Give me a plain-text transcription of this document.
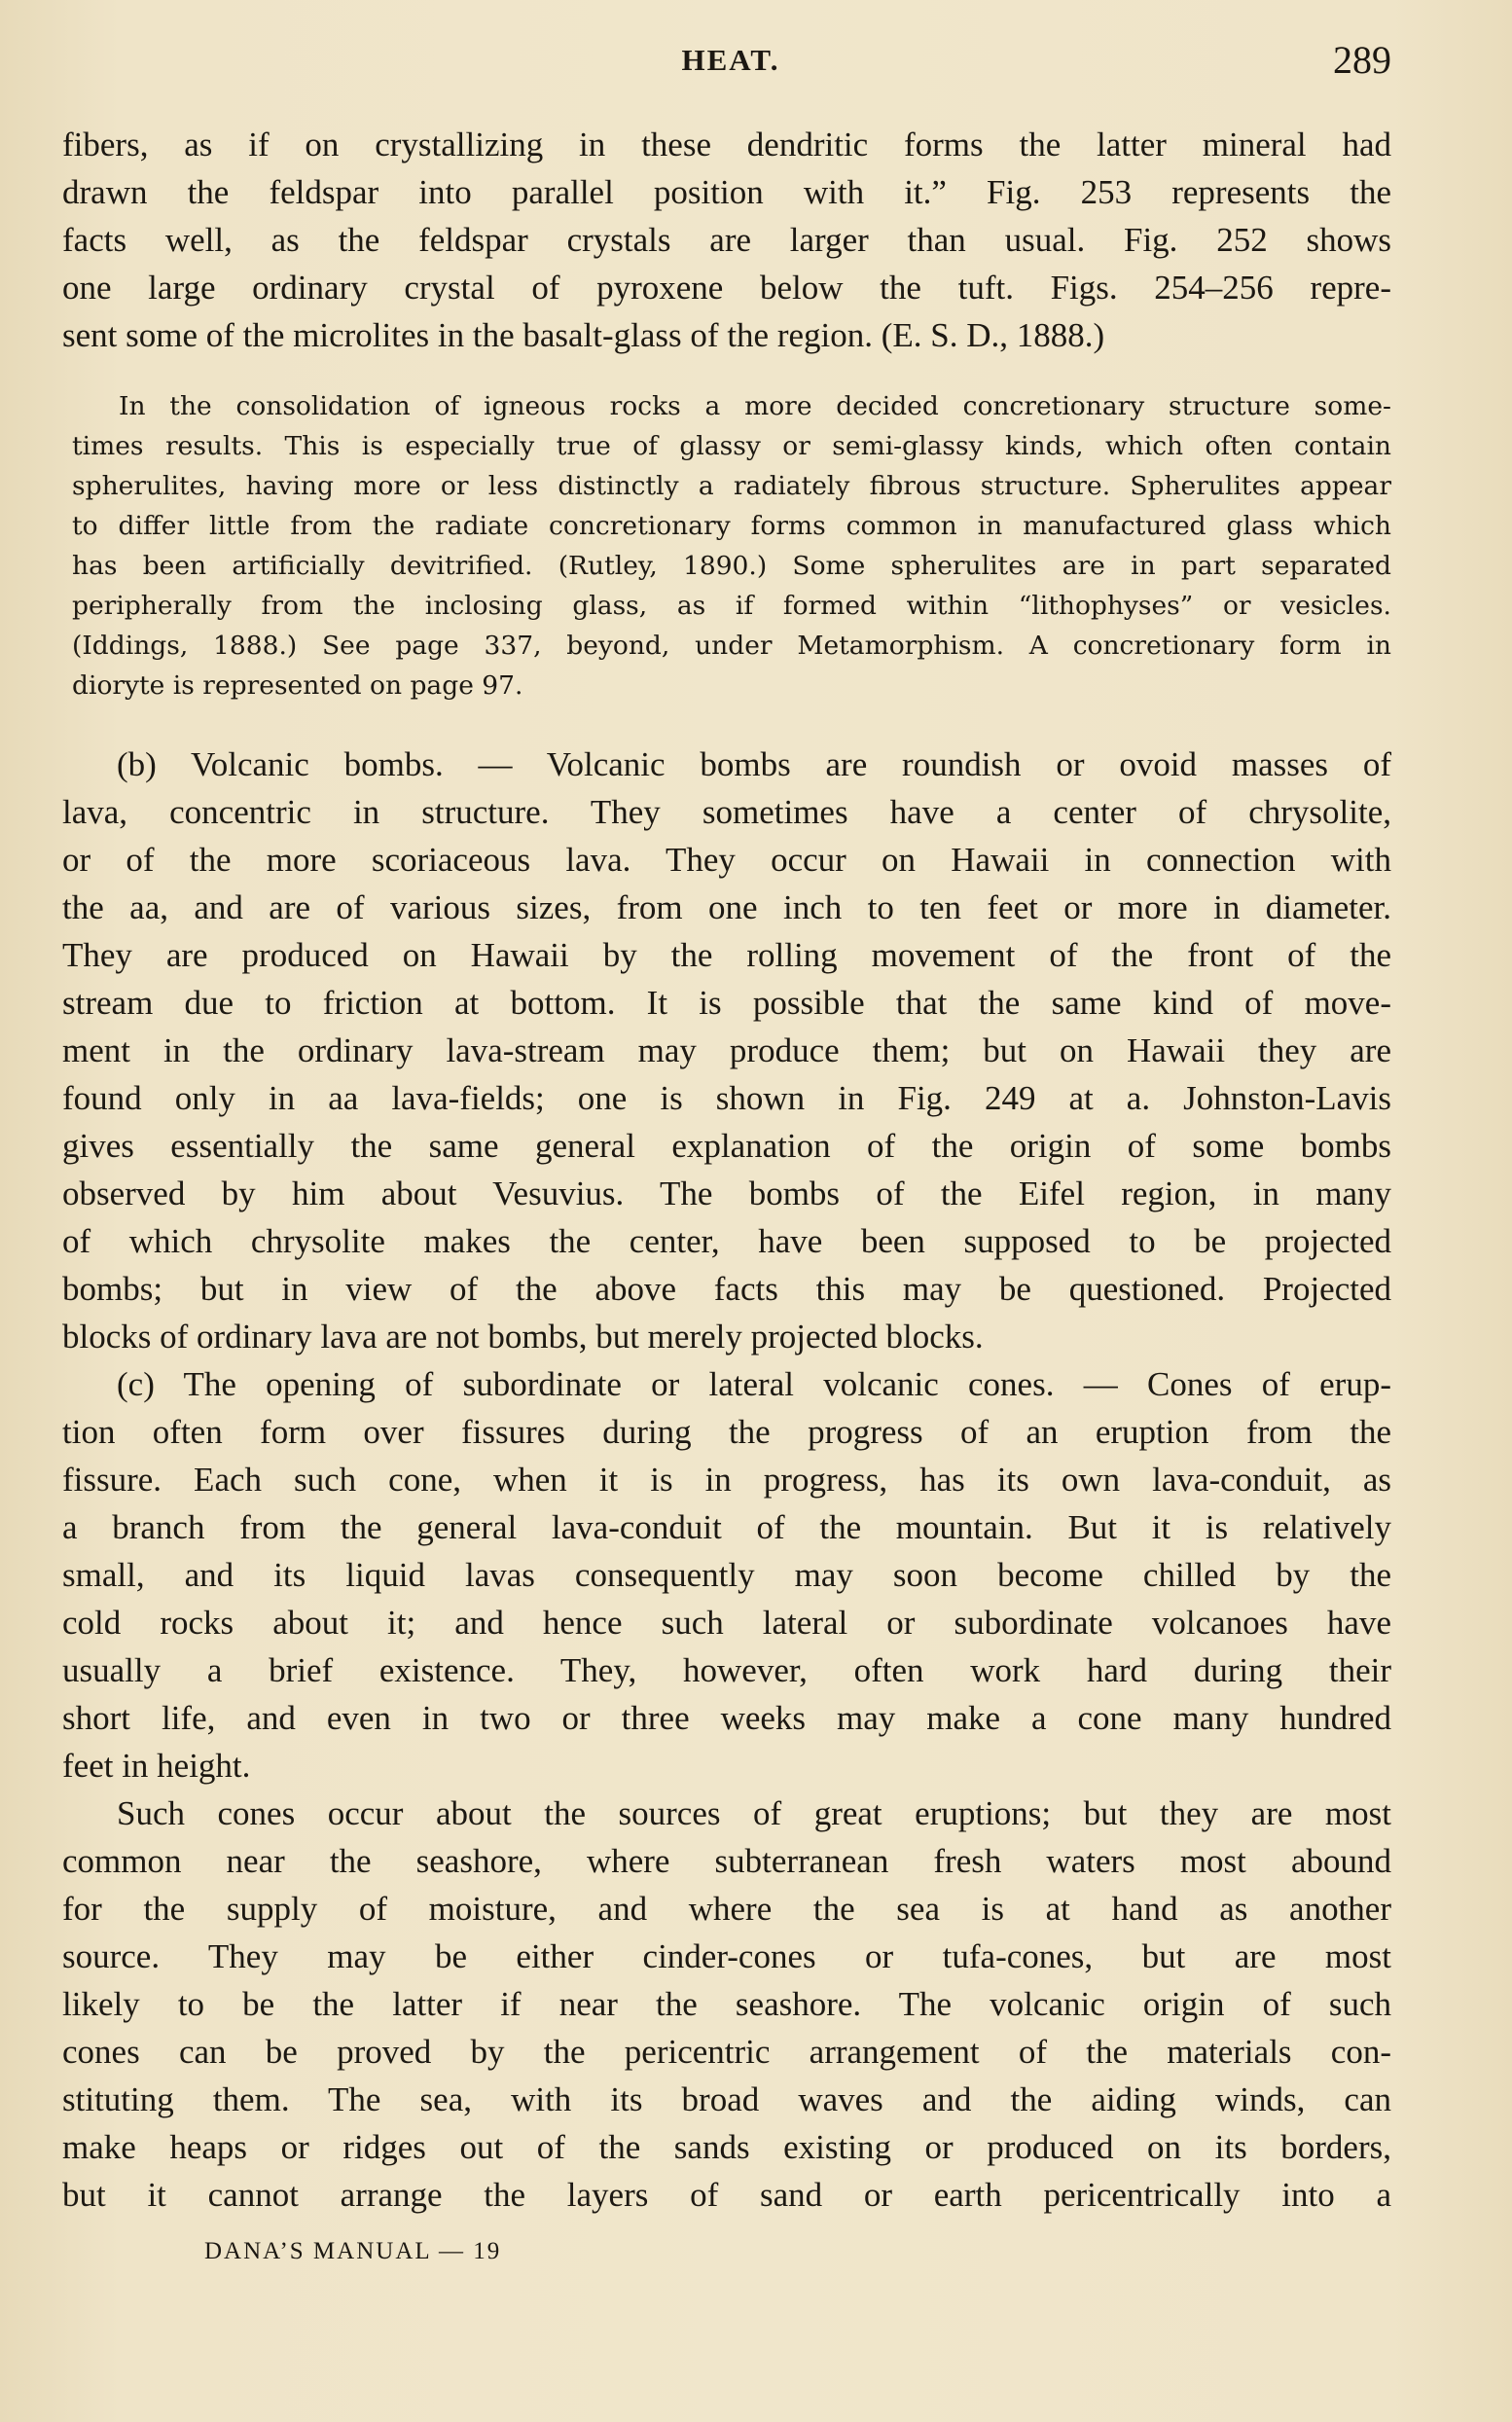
HEAT.	289
fibers, as if on crystallizing in these dendritic forms the latter mineral had
drawn the feldspar into parallel position with it.” Fig. 253 represents the
facts well, as the feldspar crystals are larger than usual. Fig. 252 shows
one large ordinary crystal of pyroxene below the tuft. Figs. 254–256 repre-
sent some of the microlites in the basalt-glass of the region. (E. S. D., 1888.)
In the consolidation of igneous rocks a more decided concretionary structure some-
times results. This is especially true of glassy or semi-glassy kinds, which often contain
spherulites, having more or less distinctly a radiately fibrous structure. Spherulites appear
to differ little from the radiate concretionary forms common in manufactured glass which
has been artificially devitrified. (Rutley, 1890.) Some spherulites are in part separated
peripherally from the inclosing glass, as if formed within “lithophyses” or vesicles.
(Iddings, 1888.) See page 337, beyond, under Metamorphism. A concretionary form in
dioryte is represented on page 97.
(b) Volcanic bombs. — Volcanic bombs are roundish or ovoid masses of
lava, concentric in structure. They sometimes have a center of chrysolite,
or of the more scoriaceous lava. They occur on Hawaii in connection with
the aa, and are of various sizes, from one inch to ten feet or more in diameter.
They are produced on Hawaii by the rolling movement of the front of the
stream due to friction at bottom. It is possible that the same kind of move-
ment in the ordinary lava-stream may produce them; but on Hawaii they are
found only in aa lava-fields; one is shown in Fig. 249 at a. Johnston-Lavis
gives essentially the same general explanation of the origin of some bombs
observed by him about Vesuvius. The bombs of the Eifel region, in many
of which chrysolite makes the center, have been supposed to be projected
bombs; but in view of the above facts this may be questioned. Projected
blocks of ordinary lava are not bombs, but merely projected blocks.
(c) The opening of subordinate or lateral volcanic cones. — Cones of erup-
tion often form over fissures during the progress of an eruption from the
fissure. Each such cone, when it is in progress, has its own lava-conduit, as
a branch from the general lava-conduit of the mountain. But it is relatively
small, and its liquid lavas consequently may soon become chilled by the
cold rocks about it; and hence such lateral or subordinate volcanoes have
usually a brief existence. They, however, often work hard during their
short life, and even in two or three weeks may make a cone many hundred
feet in height.
Such cones occur about the sources of great eruptions; but they are most
common near the seashore, where subterranean fresh waters most abound
for the supply of moisture, and where the sea is at hand as another
source. They may be either cinder-cones or tufa-cones, but are most
likely to be the latter if near the seashore. The volcanic origin of such
cones can be proved by the pericentric arrangement of the materials con-
stituting them. The sea, with its broad waves and the aiding winds, can
make heaps or ridges out of the sands existing or produced on its borders,
but it cannot arrange the layers of sand or earth pericentrically into a
DANA’S MANUAL — 19
